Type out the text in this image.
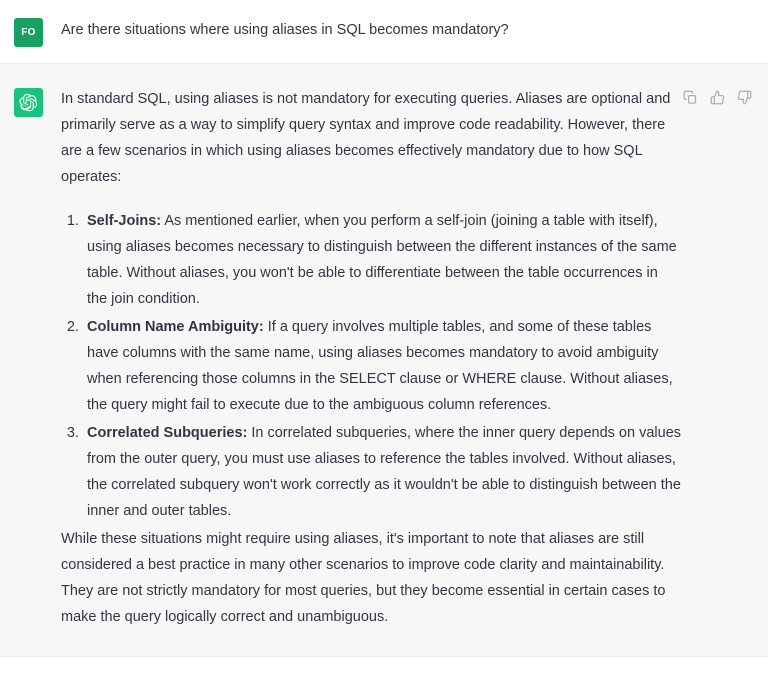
FO Are there situations where using aliases in SQL becomes mandatory?

In standard SQL, using aliases is not mandatory for executing queries. Aliases are optional and primarily serve as a way to simplify query syntax and improve code readability. However, there are a few scenarios in which using aliases becomes effectively mandatory due to how SQL operates:

1. Self-Joins: As mentioned earlier, when you perform a self-join (joining a table with itself), using aliases becomes necessary to distinguish between the different instances of the same table. Without aliases, you won't be able to differentiate between the table occurrences in the join condition.
2. Column Name Ambiguity: If a query involves multiple tables, and some of these tables have columns with the same name, using aliases becomes mandatory to avoid ambiguity when referencing those columns in the SELECT clause or WHERE clause. Without aliases, the query might fail to execute due to the ambiguous column references.
3. Correlated Subqueries: In correlated subqueries, where the inner query depends on values from the outer query, you must use aliases to reference the tables involved. Without aliases, the correlated subquery won't work correctly as it wouldn't be able to distinguish between the inner and outer tables.

While these situations might require using aliases, it's important to note that aliases are still considered a best practice in many other scenarios to improve code clarity and maintainability. They are not strictly mandatory for most queries, but they become essential in certain cases to make the query logically correct and unambiguous.
